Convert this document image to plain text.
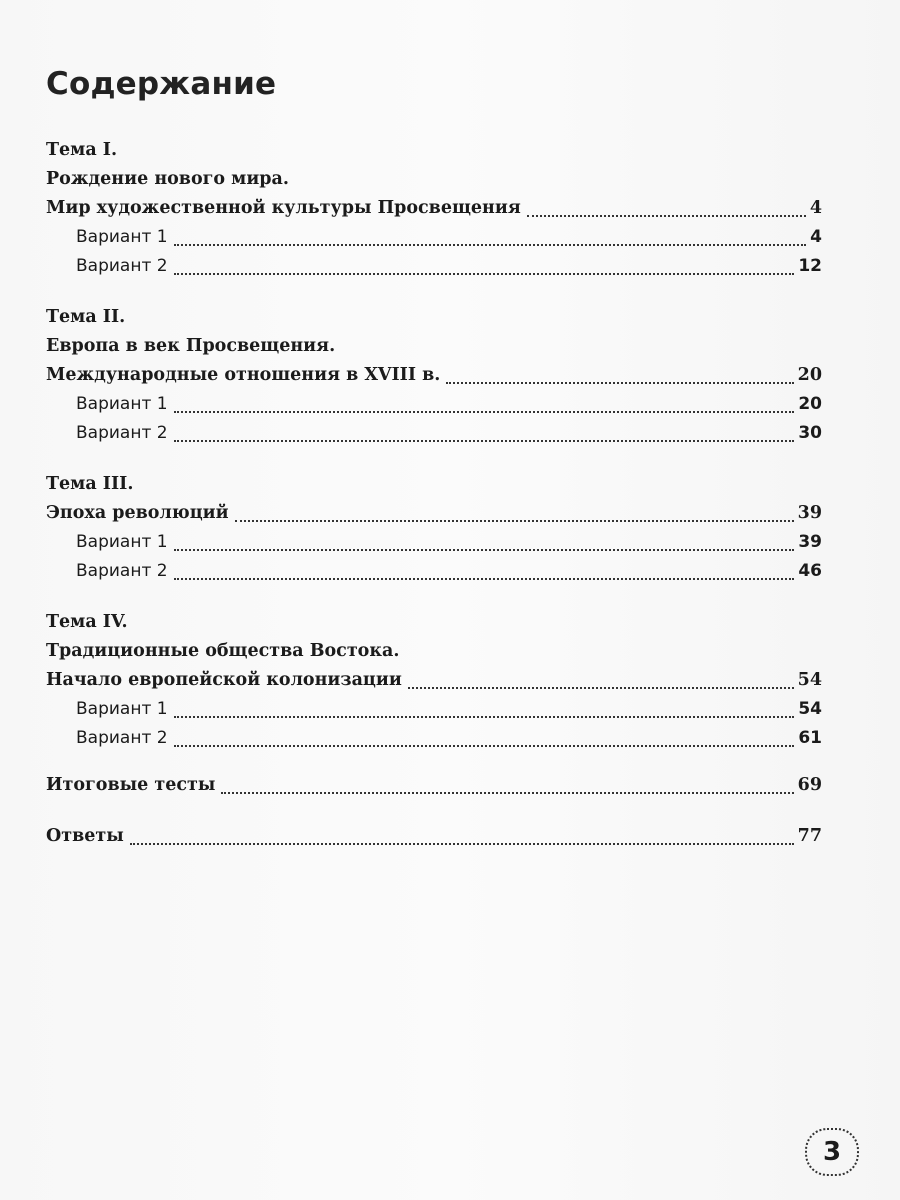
Содержание
Тема I.
Рождение нового мира.
Мир художественной культуры Просвещения	4
Вариант 1	4
Вариант 2	12
Тема II.
Европа в век Просвещения.
Международные отношения в XVIII в.	20
Вариант 1	20
Вариант 2	30
Тема III.
Эпоха революций	39
Вариант 1	39
Вариант 2	46
Тема IV.
Традиционные общества Востока.
Начало европейской колонизации	54
Вариант 1	54
Вариант 2	61
Итоговые тесты	69
Ответы	77
3
